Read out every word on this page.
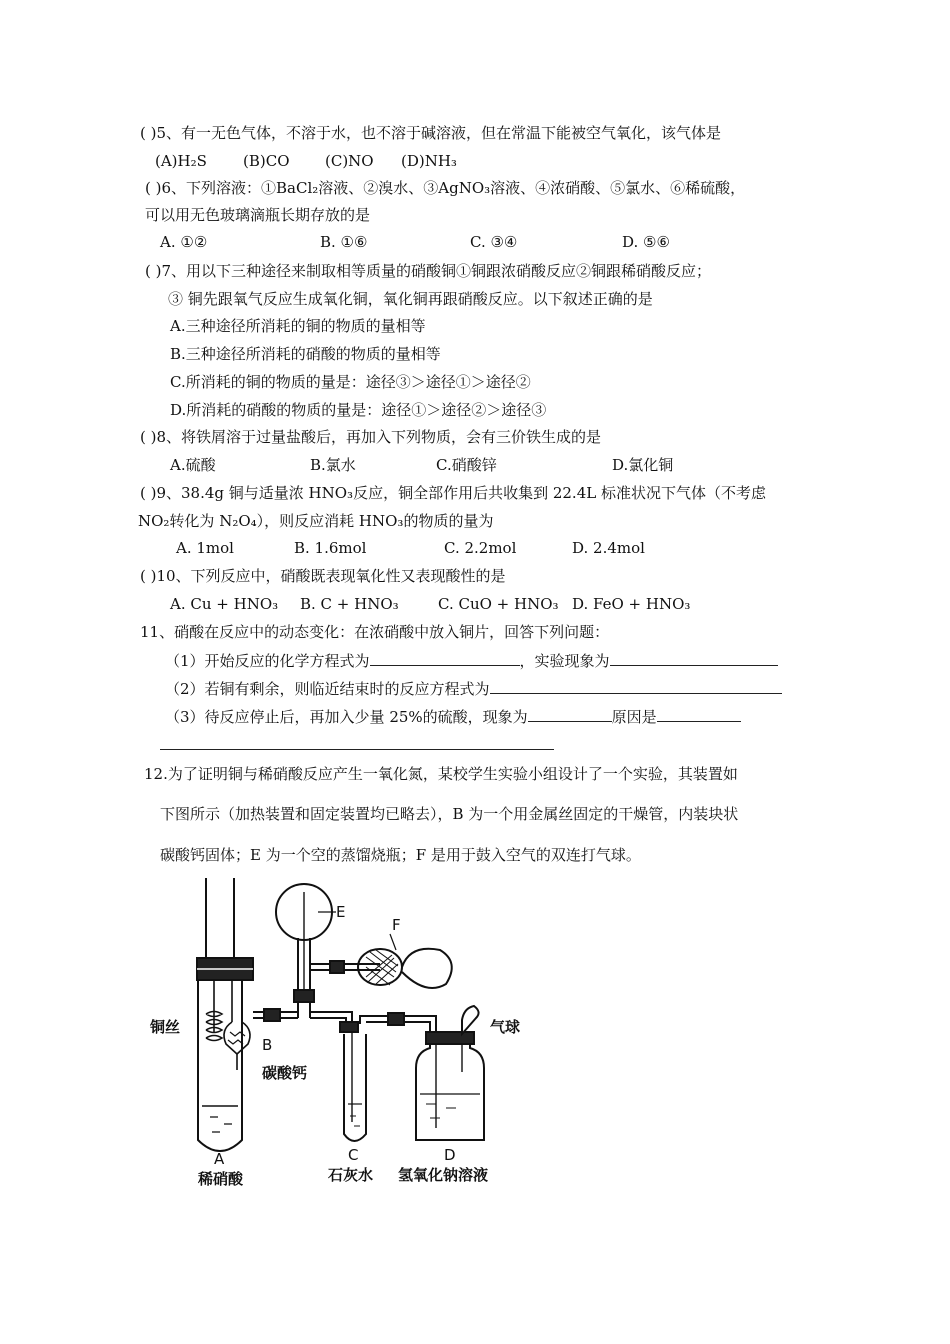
( )5、有一无色气体，不溶于水，也不溶于碱溶液，但在常温下能被空气氧化，该气体是
(A)H₂S (B)CO (C)NO (D)NH₃
( )6、下列溶液：①BaCl₂溶液、②溴水、③AgNO₃溶液、④浓硝酸、⑤氯水、⑥稀硫酸，
可以用无色玻璃滴瓶长期存放的是
A. ①②	B. ①⑥	C. ③④	D. ⑤⑥
( )7、用以下三种途径来制取相等质量的硝酸铜①铜跟浓硝酸反应②铜跟稀硝酸反应；
③ 铜先跟氧气反应生成氧化铜，氧化铜再跟硝酸反应。以下叙述正确的是
A.三种途径所消耗的铜的物质的量相等
B.三种途径所消耗的硝酸的物质的量相等
C.所消耗的铜的物质的量是：途径③＞途径①＞途径②
D.所消耗的硝酸的物质的量是：途径①＞途径②＞途径③
( )8、将铁屑溶于过量盐酸后，再加入下列物质，会有三价铁生成的是
A.硫酸	B.氯水	C.硝酸锌	D.氯化铜
( )9、38.4g 铜与适量浓 HNO₃反应，铜全部作用后共收集到 22.4L 标准状况下气体（不考虑
NO₂转化为 N₂O₄），则反应消耗 HNO₃的物质的量为
A. 1mol	B. 1.6mol	C. 2.2mol	D. 2.4mol
( )10、下列反应中，硝酸既表现氧化性又表现酸性的是
A. Cu + HNO₃ B. C + HNO₃	C. CuO + HNO₃ D. FeO + HNO₃
11、硝酸在反应中的动态变化：在浓硝酸中放入铜片，回答下列问题：
（1）开始反应的化学方程式为	，实验现象为
（2）若铜有剩余，则临近结束时的反应方程式为
（3）待反应停止后，再加入少量 25%的硫酸，现象为	原因是
12.为了证明铜与稀硝酸反应产生一氧化氮，某校学生实验小组设计了一个实验，其装置如
下图所示（加热装置和固定装置均已略去），B 为一个用金属丝固定的干燥管，内装块状
碳酸钙固体；E 为一个空的蒸馏烧瓶；F 是用于鼓入空气的双连打气球。
E
F
B
铜丝
碳酸钙
气球
A
稀硝酸
C
石灰水
D
氢氧化钠溶液
